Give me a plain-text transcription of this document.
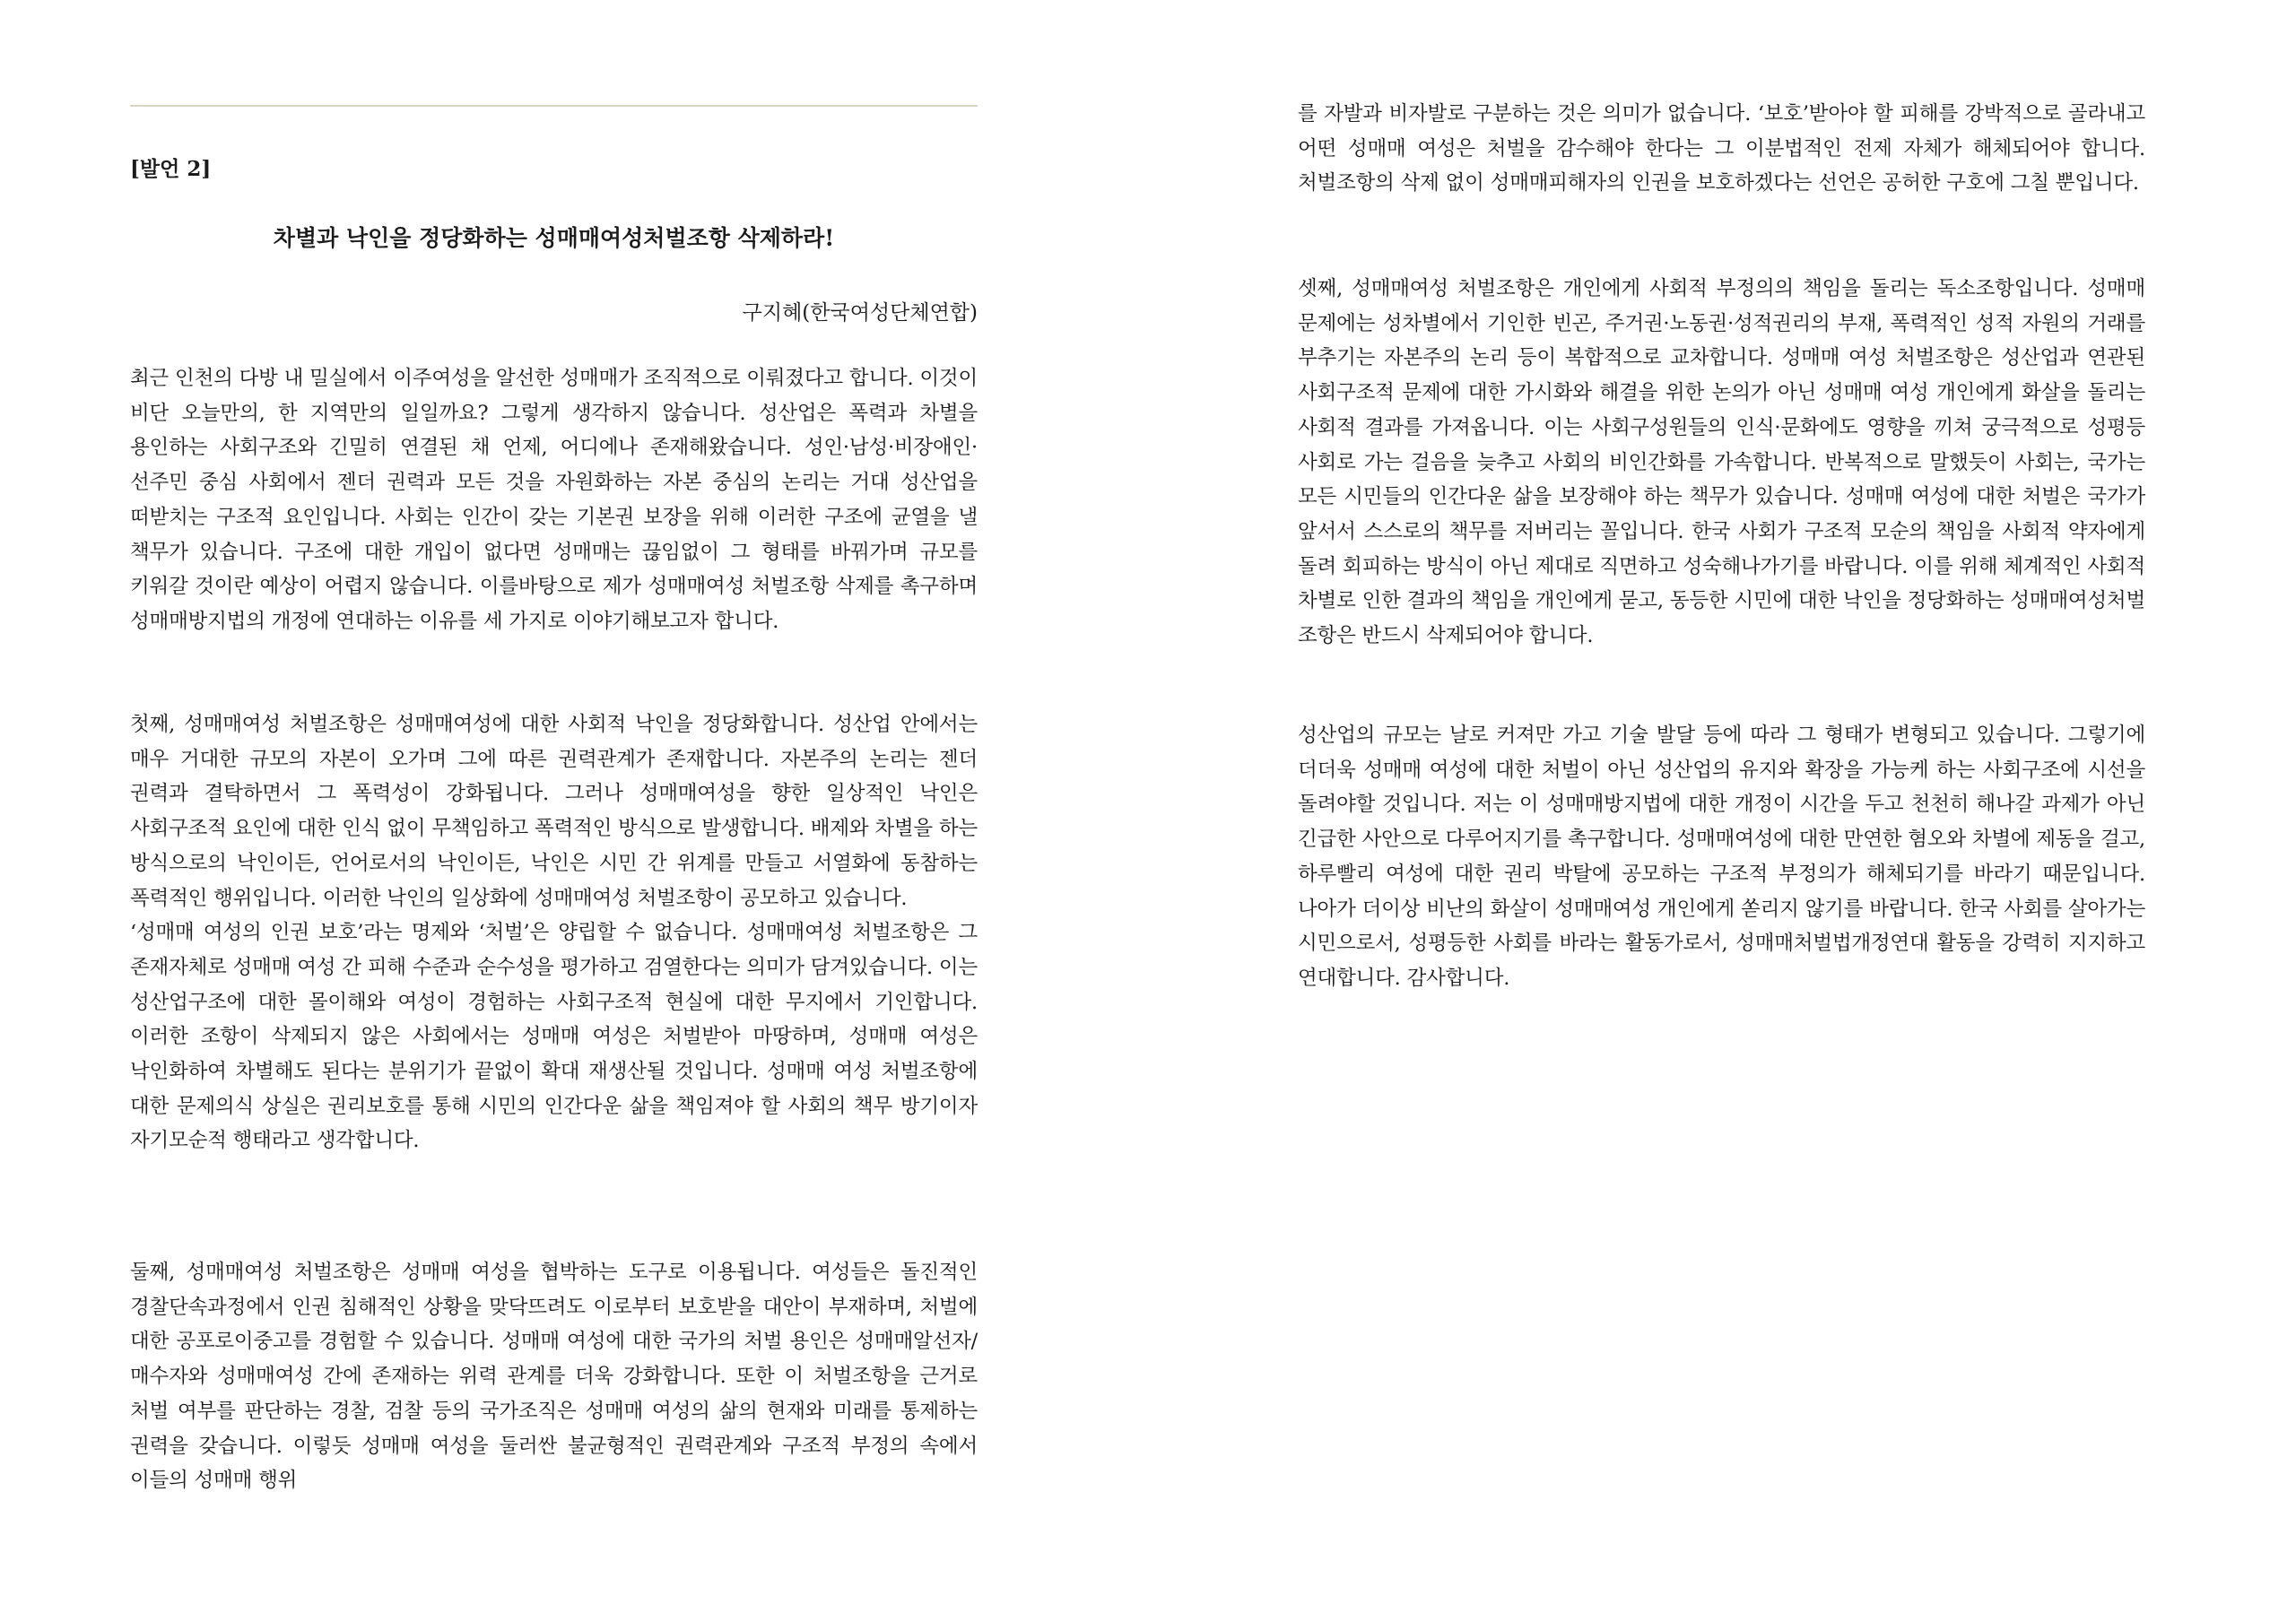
[발언 2]

차별과 낙인을 정당화하는 성매매여성처벌조항 삭제하라!

구지혜(한국여성단체연합)

최근 인천의 다방 내 밀실에서 이주여성을 알선한 성매매가 조직적으로 이뤄졌다고 합니다. 이것이 비단 오늘만의, 한 지역만의 일일까요? 그렇게 생각하지 않습니다. 성산업은 폭력과 차별을 용인하는 사회구조와 긴밀히 연결된 채 언제, 어디에나 존재해왔습니다. 성인·남성·비장애인·선주민 중심 사회에서 젠더 권력과 모든 것을 자원화하는 자본 중심의 논리는 거대 성산업을 떠받치는 구조적 요인입니다. 사회는 인간이 갖는 기본권 보장을 위해 이러한 구조에 균열을 낼 책무가 있습니다. 구조에 대한 개입이 없다면 성매매는 끊임없이 그 형태를 바꿔가며 규모를 키워갈 것이란 예상이 어렵지 않습니다. 이를바탕으로 제가 성매매여성 처벌조항 삭제를 촉구하며 성매매방지법의 개정에 연대하는 이유를 세 가지로 이야기해보고자 합니다.

첫째, 성매매여성 처벌조항은 성매매여성에 대한 사회적 낙인을 정당화합니다. 성산업 안에서는 매우 거대한 규모의 자본이 오가며 그에 따른 권력관계가 존재합니다. 자본주의 논리는 젠더 권력과 결탁하면서 그 폭력성이 강화됩니다. 그러나 성매매여성을 향한 일상적인 낙인은 사회구조적 요인에 대한 인식 없이 무책임하고 폭력적인 방식으로 발생합니다. 배제와 차별을 하는 방식으로의 낙인이든, 언어로서의 낙인이든, 낙인은 시민 간 위계를 만들고 서열화에 동참하는 폭력적인 행위입니다. 이러한 낙인의 일상화에 성매매여성 처벌조항이 공모하고 있습니다.
‘성매매 여성의 인권 보호’라는 명제와 ‘처벌’은 양립할 수 없습니다. 성매매여성 처벌조항은 그 존재자체로 성매매 여성 간 피해 수준과 순수성을 평가하고 검열한다는 의미가 담겨있습니다. 이는 성산업구조에 대한 몰이해와 여성이 경험하는 사회구조적 현실에 대한 무지에서 기인합니다. 이러한 조항이 삭제되지 않은 사회에서는 성매매 여성은 처벌받아 마땅하며, 성매매 여성은 낙인화하여 차별해도 된다는 분위기가 끝없이 확대 재생산될 것입니다. 성매매 여성 처벌조항에 대한 문제의식 상실은 권리보호를 통해 시민의 인간다운 삶을 책임져야 할 사회의 책무 방기이자 자기모순적 행태라고 생각합니다.

둘째, 성매매여성 처벌조항은 성매매 여성을 협박하는 도구로 이용됩니다. 여성들은 돌진적인 경찰단속과정에서 인권 침해적인 상황을 맞닥뜨려도 이로부터 보호받을 대안이 부재하며, 처벌에 대한 공포로이중고를 경험할 수 있습니다. 성매매 여성에 대한 국가의 처벌 용인은 성매매알선자/매수자와 성매매여성 간에 존재하는 위력 관계를 더욱 강화합니다. 또한 이 처벌조항을 근거로 처벌 여부를 판단하는 경찰, 검찰 등의 국가조직은 성매매 여성의 삶의 현재와 미래를 통제하는 권력을 갖습니다. 이렇듯 성매매 여성을 둘러싼 불균형적인 권력관계와 구조적 부정의 속에서 이들의 성매매 행위

를 자발과 비자발로 구분하는 것은 의미가 없습니다. ‘보호’받아야 할 피해를 강박적으로 골라내고 어떤 성매매 여성은 처벌을 감수해야 한다는 그 이분법적인 전제 자체가 해체되어야 합니다. 처벌조항의 삭제 없이 성매매피해자의 인권을 보호하겠다는 선언은 공허한 구호에 그칠 뿐입니다.

셋째, 성매매여성 처벌조항은 개인에게 사회적 부정의의 책임을 돌리는 독소조항입니다. 성매매 문제에는 성차별에서 기인한 빈곤, 주거권·노동권·성적권리의 부재, 폭력적인 성적 자원의 거래를 부추기는 자본주의 논리 등이 복합적으로 교차합니다. 성매매 여성 처벌조항은 성산업과 연관된 사회구조적 문제에 대한 가시화와 해결을 위한 논의가 아닌 성매매 여성 개인에게 화살을 돌리는 사회적 결과를 가져옵니다. 이는 사회구성원들의 인식·문화에도 영향을 끼쳐 궁극적으로 성평등 사회로 가는 걸음을 늦추고 사회의 비인간화를 가속합니다. 반복적으로 말했듯이 사회는, 국가는 모든 시민들의 인간다운 삶을 보장해야 하는 책무가 있습니다. 성매매 여성에 대한 처벌은 국가가 앞서서 스스로의 책무를 저버리는 꼴입니다. 한국 사회가 구조적 모순의 책임을 사회적 약자에게 돌려 회피하는 방식이 아닌 제대로 직면하고 성숙해나가기를 바랍니다. 이를 위해 체계적인 사회적 차별로 인한 결과의 책임을 개인에게 묻고, 동등한 시민에 대한 낙인을 정당화하는 성매매여성처벌 조항은 반드시 삭제되어야 합니다.

성산업의 규모는 날로 커져만 가고 기술 발달 등에 따라 그 형태가 변형되고 있습니다. 그렇기에 더더욱 성매매 여성에 대한 처벌이 아닌 성산업의 유지와 확장을 가능케 하는 사회구조에 시선을 돌려야할 것입니다. 저는 이 성매매방지법에 대한 개정이 시간을 두고 천천히 해나갈 과제가 아닌 긴급한 사안으로 다루어지기를 촉구합니다. 성매매여성에 대한 만연한 혐오와 차별에 제동을 걸고, 하루빨리 여성에 대한 권리 박탈에 공모하는 구조적 부정의가 해체되기를 바라기 때문입니다. 나아가 더이상 비난의 화살이 성매매여성 개인에게 쏟리지 않기를 바랍니다. 한국 사회를 살아가는 시민으로서, 성평등한 사회를 바라는 활동가로서, 성매매처벌법개정연대 활동을 강력히 지지하고 연대합니다. 감사합니다.
